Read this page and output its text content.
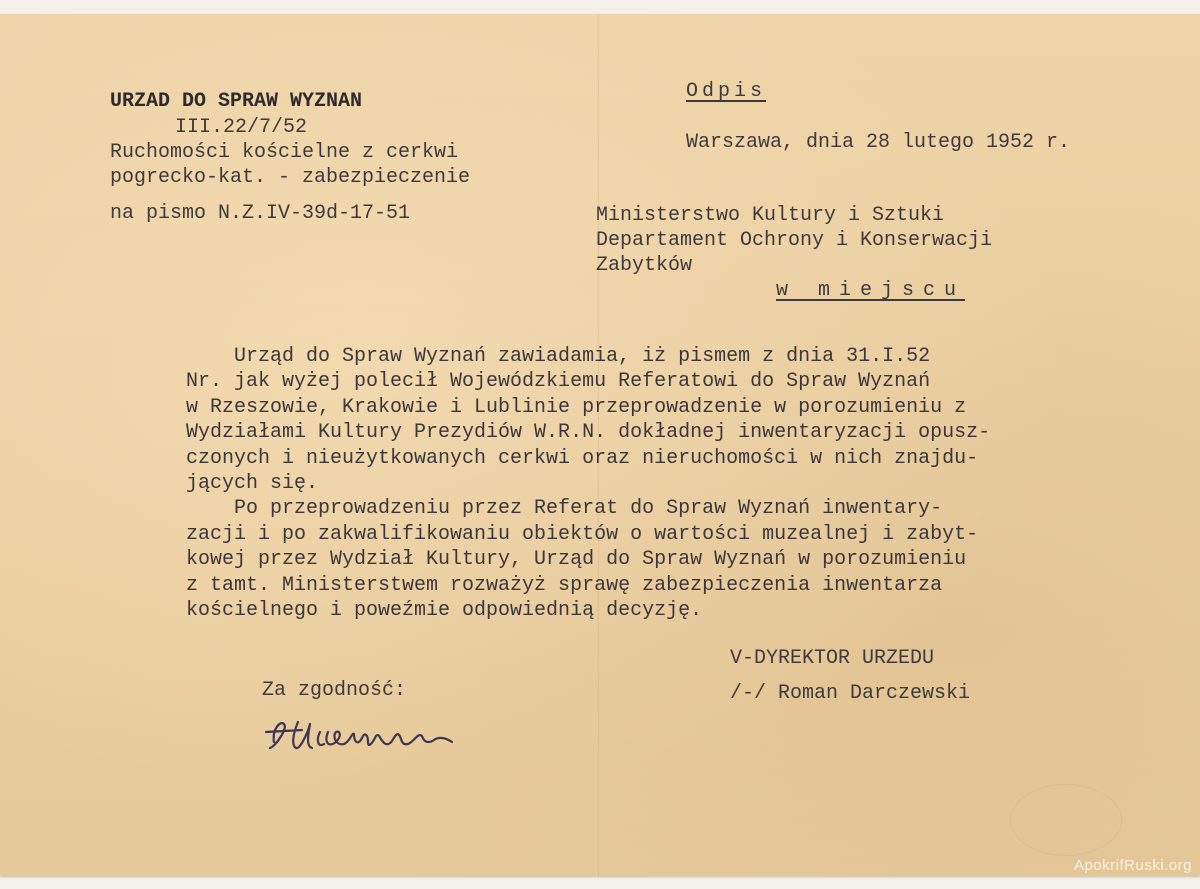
URZAD DO SPRAW WYZNAN

III.22/7/52

Ruchomości kościelne z cerkwi

pogrecko-kat. - zabezpieczenie

na pismo N.Z.IV-39d-17-51

Odpis

Warszawa, dnia 28 lutego 1952 r.

Ministerstwo Kultury i Sztuki

Departament Ochrony i Konserwacji

Zabytków

w miejscu

Urząd do Spraw Wyznań zawiadamia, iż pismem z dnia 31.I.52
Nr. jak wyżej polecił Wojewódzkiemu Referatowi do Spraw Wyznań
w Rzeszowie, Krakowie i Lublinie przeprowadzenie w porozumieniu z
Wydziałami Kultury Prezydiów W.R.N. dokładnej inwentaryzacji opusz-
czonych i nieużytkowanych cerkwi oraz nieruchomości w nich znajdu-
jących się.
Po przeprowadzeniu przez Referat do Spraw Wyznań inwentary-
zacji i po zakwalifikowaniu obiektów o wartości muzealnej i zabyt-
kowej przez Wydział Kultury, Urząd do Spraw Wyznań w porozumieniu
z tamt. Ministerstwem rozważyż sprawę zabezpieczenia inwentarza
kościelnego i poweźmie odpowiednią decyzję.

V-DYREKTOR URZEDU

Za zgodność:	/-/ Roman Darczewski

ApokrifRuski.org
